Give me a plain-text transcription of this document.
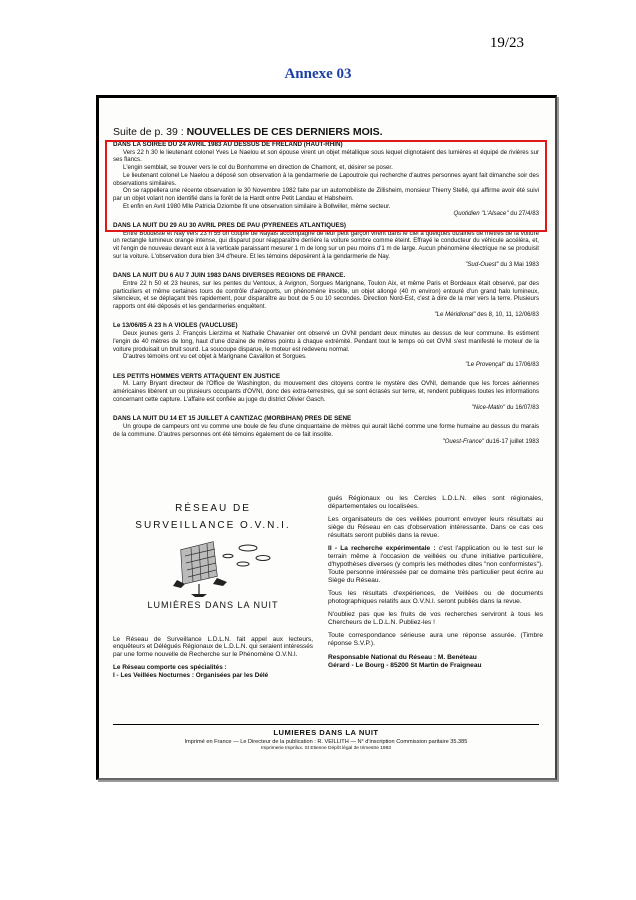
19/23
Annexe 03
Suite de p. 39 : NOUVELLES DE CES DERNIERS MOIS.
DANS LA SOIREE DU 24 AVRIL 1983 AU DESSUS DE FRELAND (HAUT-RHIN)
Vers 22 h 30 le lieutenant colonel Yves Le Naelou et son épouse virent un objet métallique sous lequel clignotaient des lumières et équipé de rivières sur ses flancs.
L'engin semblait, se trouver vers le col du Bonhomme en direction de Chamont, et, désirer se poser.
Le lieutenant colonel Le Naelou a déposé son observation à la gendarmerie de Lapoutroie qui recherche d'autres personnes ayant fait dimanche soir des observations similaires.
On se rappellera une récente observation le 30 Novembre 1982 faite par un automobiliste de Zillisheim, monsieur Thierry Stellé, qui affirme avoir été suivi par un objet volant non identifié dans la forêt de la Hardt entre Petit Landau et Habsheim.
Et enfin en Avril 1980 Mlle Patricia Dziombe fit une observation similaire à Bollwiller, même secteur.
Quotidien "L'Alsace" du 27/4/83
DANS LA NUIT DU 29 AU 30 AVRIL PRES DE PAU (PYRENEES ATLANTIQUES)
Entre Boudeste et Nay vers 23 h 55 un couple de Nayais accompagné de leur petit garçon virent dans le ciel à quelques dizaines de mètres de la voiture un rectangle lumineux orange intense, qui disparut pour réapparaître derrière la voiture sombre comme éteint. Effrayé le conducteur du véhicule accéléra, et, vit l'engin de nouveau devant eux à la verticale paraissant mesurer 1 m de long sur un peu moins d'1 m de large. Aucun phénomène électrique ne se produisit sur la voiture. L'observation dura bien 3/4 d'heure. Et les témoins déposèrent à la gendarmerie de Nay.
"Sud-Ouest" du 3 Mai 1983
DANS LA NUIT DU 6 AU 7 JUIN 1983 DANS DIVERSES REGIONS DE FRANCE.
Entre 22 h 50 et 23 heures, sur les pentes du Ventoux, à Avignon, Sorgues Marignane, Toulon Aix, et même Paris et Bordeaux était observé, par des particuliers et même certaines tours de contrôle d'aéroports, un phénomène insolite, un objet allongé (40 m environ) entouré d'un grand halo lumineux, silencieux, et se déplaçant très rapidement, pour disparaître au bout de 5 ou 10 secondes. Direction Nord-Est, c'est à dire de la mer vers la terre. Plusieurs rapports ont été déposés et les gendarmeries enquêtent.
"Le Méridional" des 8, 10, 11, 12/06/83
Le 13/06/85 A 23 h A VIOLES (VAUCLUSE)
Deux jeunes gens J. François Lierzima et Nathalie Chavanier ont observé un OVNI pendant deux minutes au dessus de leur commune. Ils estiment l'engin de 40 mètres de long, haut d'une dizaine de mètres pointu à chaque extrémité. Pendant tout le temps où cet OVNI s'est manifesté le moteur de la voiture produisait un bruit sourd. La soucoupe disparue, le moteur est redevenu normal.
D'autres témoins ont vu cet objet à Marignane Cavaillon et Sorgues.
"Le Provençal" du 17/06/83
LES PETITS HOMMES VERTS ATTAQUENT EN JUSTICE
M. Larry Bryant directeur de l'Office de Washington, du mouvement des citoyens contre le mystère des OVNI, demande que les forces aériennes américaines libèrent un ou plusieurs occupants d'OVNI, donc des extra-terrestres, qui se sont écrasés sur terre, et, rendent publiques toutes les informations concernant cette capture. L'affaire est confiée au juge du district Olivier Gasch.
"Nice-Matin" du 16/07/83
DANS LA NUIT DU 14 ET 15 JUILLET A CANTIZAC (MORBIHAN) PRES DE SENE
Un groupe de campeurs ont vu comme une boule de feu d'une cinquantaine de mètres qui aurait lâché comme une forme humaine au dessus du marais de la commune. D'autres personnes ont été témoins également de ce fait insolite.
"Ouest-France" du16-17 juillet 1983
RÉSEAU DE
SURVEILLANCE O.V.N.I.
LUMIÈRES DANS LA NUIT
Le Réseau de Surveillance L.D.L.N. fait appel aux lecteurs, enquêteurs et Délégués Régionaux de L.D.L.N. qui seraient intéressés par une forme nouvelle de Recherche sur le Phénomène O.V.N.I.
Le Réseau comporte ces spécialités :
I - Les Veillées Nocturnes : Organisées par les Délé

gués Régionaux ou les Cercles L.D.L.N. elles sont régionales, départementales ou localisées.

Les organisateurs de ces veillées pourront envoyer leurs résultats au siège du Réseau en cas d'observation intéressante. Dans ce cas ces résultats seront publiés dans la revue.

II - La recherche expérimentale : c'est l'application ou le test sur le terrain même à l'occasion de veillées ou d'une initiative particulière, d'hypothèses diverses (y compris les méthodes dites "non conformistes"). Toute personne intéressée par ce domaine très particulier peut écrire au Siège du Réseau.

Tous les résultats d'expériences, de Veillées ou de documents photographiques relatifs aux O.V.N.I. seront publiés dans la revue.

N'oubliez pas que les fruits de vos recherches serviront à tous les Chercheurs de L.D.L.N. Publiez-les !

Toute correspondance sérieuse aura une réponse assurée. (Timbre réponse S.V.P.).

Responsable National du Réseau : M. Benéteau
Gérard - Le Bourg - 85200 St Martin de Fraigneau
LUMIERES DANS LA NUIT
Imprimé en France — Le Directeur de la publication : R. VEILLITH — N° d'inscription Commission paritaire 35.385
Imprimerie Imprilux. St Etienne Dépôt légal 3e trimestre 1983
